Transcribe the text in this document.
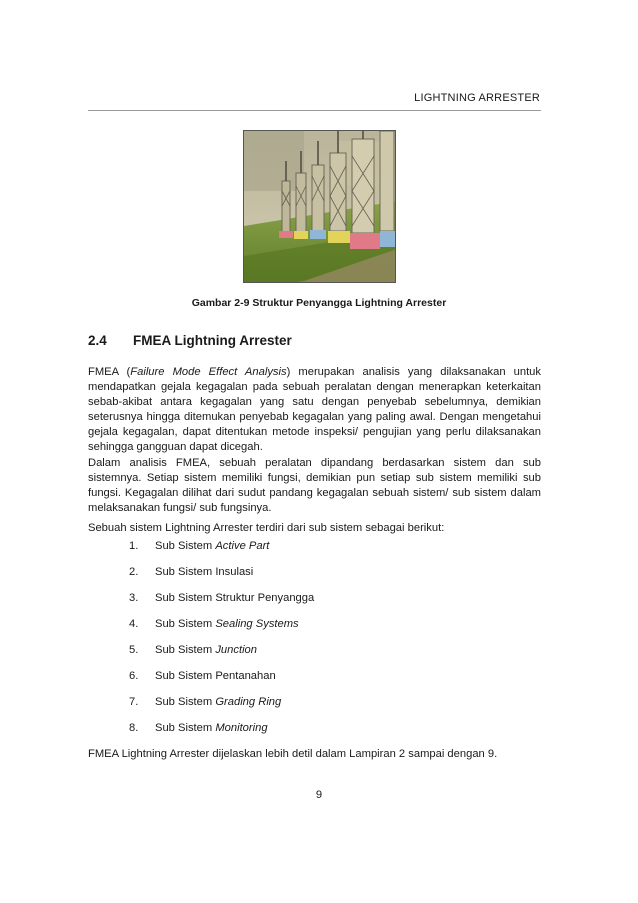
LIGHTNING ARRESTER
Gambar 2-9 Struktur Penyangga Lightning Arrester
2.4 FMEA Lightning Arrester

FMEA (Failure Mode Effect Analysis) merupakan analisis yang dilaksanakan untuk mendapatkan gejala kegagalan pada sebuah peralatan dengan menerapkan keterkaitan sebab-akibat antara kegagalan yang satu dengan penyebab sebelumnya, demikian seterusnya hingga ditemukan penyebab kegagalan yang paling awal. Dengan mengetahui gejala kegagalan, dapat ditentukan metode inspeksi/ pengujian yang perlu dilaksanakan sehingga gangguan dapat dicegah.

Dalam analisis FMEA, sebuah peralatan dipandang berdasarkan sistem dan sub sistemnya. Setiap sistem memiliki fungsi, demikian pun setiap sub sistem memiliki sub fungsi. Kegagalan dilihat dari sudut pandang kegagalan sebuah sistem/ sub sistem dalam melaksanakan fungsi/ sub fungsinya.

Sebuah sistem Lightning Arrester terdiri dari sub sistem sebagai berikut:

1. Sub Sistem Active Part
2. Sub Sistem Insulasi
3. Sub Sistem Struktur Penyangga
4. Sub Sistem Sealing Systems
5. Sub Sistem Junction
6. Sub Sistem Pentanahan
7. Sub Sistem Grading Ring
8. Sub Sistem Monitoring

FMEA Lightning Arrester dijelaskan lebih detil dalam Lampiran 2 sampai dengan 9.

9
